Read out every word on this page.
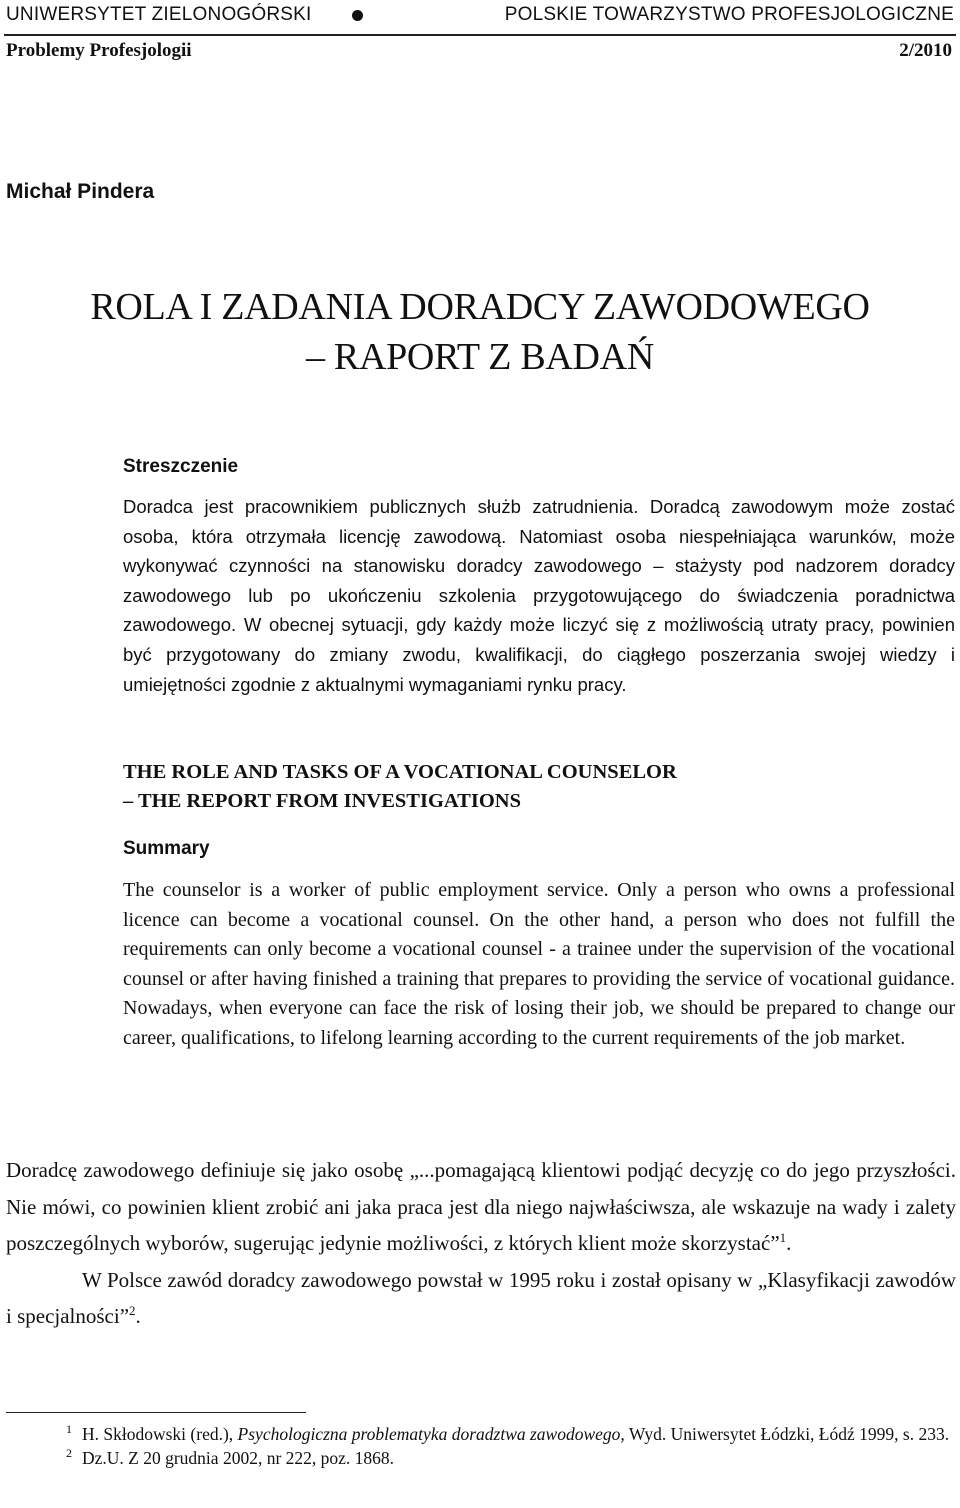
UNIWERSYTET ZIELONOGÓRSKI	POLSKIE TOWARZYSTWO PROFESJOLOGICZNE
Problemy Profesjologii	2/2010
Michał Pindera
ROLA I ZADANIA DORADCY ZAWODOWEGO
– RAPORT Z BADAŃ

Streszczenie

Doradca jest pracownikiem publicznych służb zatrudnienia. Doradcą zawodowym może zostać osoba, która otrzymała licencję zawodową. Natomiast osoba niespełniająca warunków, może wykonywać czynności na stanowisku doradcy zawodowego – stażysty pod nadzorem doradcy zawodowego lub po ukończeniu szkolenia przygotowującego do świadczenia poradnictwa zawodowego. W obecnej sytuacji, gdy każdy może liczyć się z możliwością utraty pracy, powinien być przygotowany do zmiany zwodu, kwalifikacji, do ciągłego poszerzania swojej wiedzy i umiejętności zgodnie z aktualnymi wymaganiami rynku pracy.

THE ROLE AND TASKS OF A VOCATIONAL COUNSELOR

– THE REPORT FROM INVESTIGATIONS

Summary

The counselor is a worker of public employment service. Only a person who owns a professional licence can become a vocational counsel. On the other hand, a person who does not fulfill the requirements can only become a vocational counsel - a trainee under the supervision of the vocational counsel or after having finished a training that prepares to providing the service of vocational guidance. Nowadays, when everyone can face the risk of losing their job, we should be prepared to change our career, qualifications, to lifelong learning according to the current requirements of the job market.

Doradcę zawodowego definiuje się jako osobę „...pomagającą klientowi podjąć decyzję co do jego przyszłości. Nie mówi, co powinien klient zrobić ani jaka praca jest dla niego najwłaściwsza, ale wskazuje na wady i zalety poszczególnych wyborów, sugerując jedynie możliwości, z których klient może skorzystać”$^1$.

W Polsce zawód doradcy zawodowego powstał w 1995 roku i został opisany w „Klasyfikacji zawodów i specjalności”$^2$.

$^1$ H. Skłodowski (red.), Psychologiczna problematyka doradztwa zawodowego, Wyd. Uniwersytet Łódzki, Łódź 1999, s. 233.

$^2$ Dz.U. Z 20 grudnia 2002, nr 222, poz. 1868.
